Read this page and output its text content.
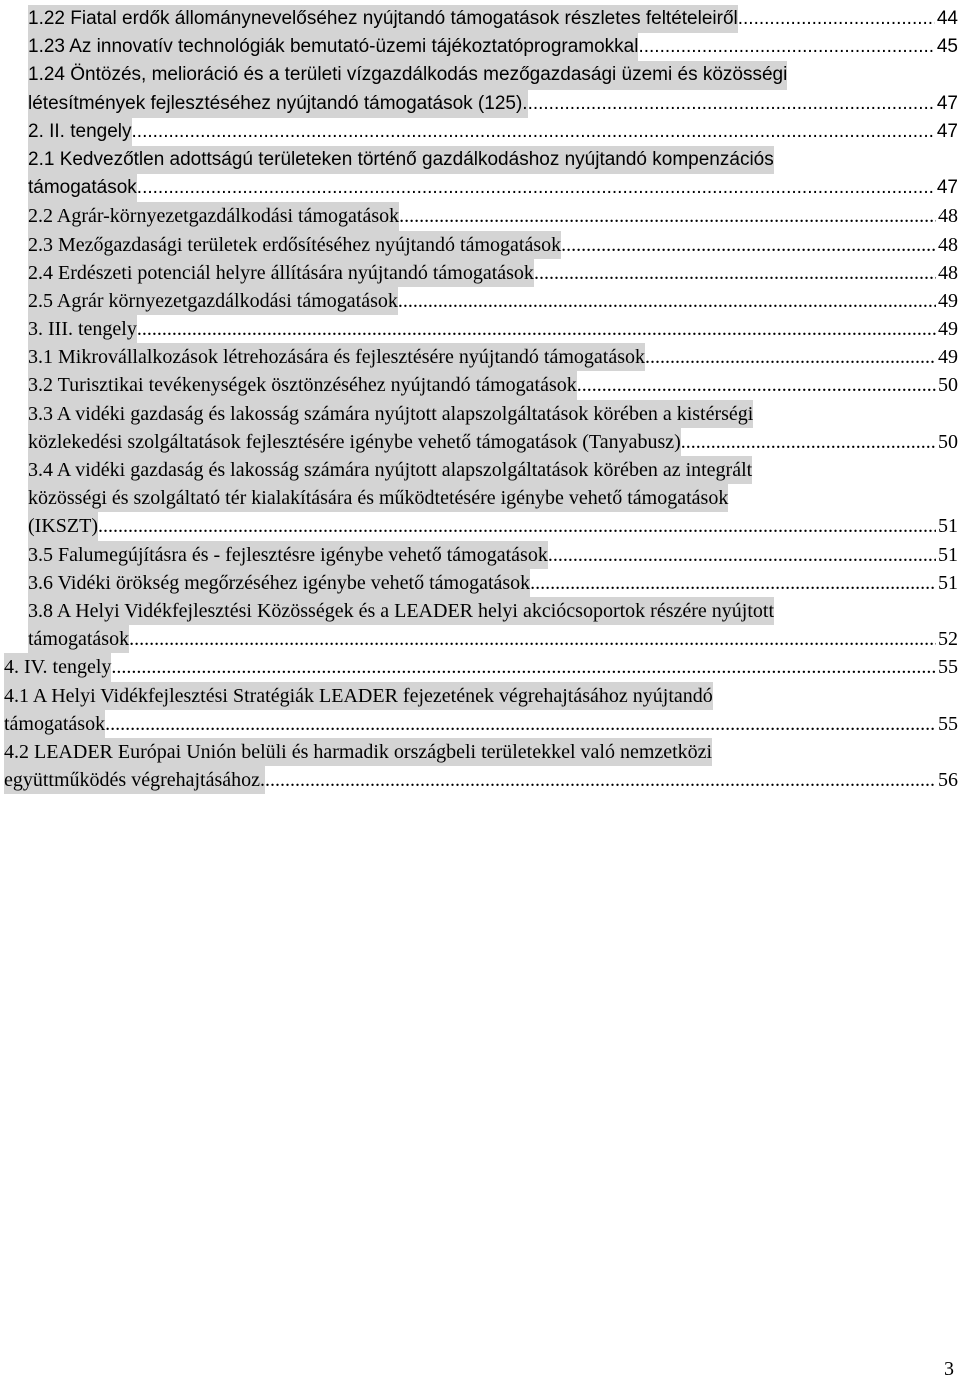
1.22 Fiatal erdők állománynevelőséhez nyújtandó támogatások részletes feltételeiről .....	44
1.23 Az innovatív technológiák bemutató-üzemi tájékoztatóprogramokkal .....	45
1.24 Öntözés, melioráció és a területi vízgazdálkodás mezőgazdasági üzemi és közösségi
létesítmények fejlesztéséhez nyújtandó támogatások (125). .....	47
2. II. tengely .....	47
2.1 Kedvezőtlen adottságú területeken történő gazdálkodáshoz nyújtandó kompenzációs
támogatások .....	47
2.2 Agrár-környezetgazdálkodási támogatások .....	48
2.3 Mezőgazdasági területek erdősítéséhez nyújtandó támogatások .....	48
2.4 Erdészeti potenciál helyre állítására nyújtandó támogatások .....	48
2.5 Agrár környezetgazdálkodási támogatások .....	49
3. III. tengely .....	49
3.1 Mikrovállalkozások létrehozására és fejlesztésére nyújtandó támogatások .....	49
3.2 Turisztikai tevékenységek ösztönzéséhez nyújtandó támogatások .....	50
3.3 A vidéki gazdaság és lakosság számára nyújtott alapszolgáltatások körében a kistérségi
közlekedési szolgáltatások fejlesztésére igénybe vehető támogatások (Tanyabusz) .....	50
3.4 A vidéki gazdaság és lakosság számára nyújtott alapszolgáltatások körében az integrált
közösségi és szolgáltató tér kialakítására és működtetésére igénybe vehető támogatások
(IKSZT) .....	51
3.5 Falumegújításra és - fejlesztésre igénybe vehető támogatások .....	51
3.6 Vidéki örökség megőrzéséhez igénybe vehető támogatások .....	51
3.8 A Helyi Vidékfejlesztési Közösségek és a LEADER helyi akciócsoportok részére nyújtott
támogatások .....	52
4. IV. tengely .....	55
4.1 A Helyi Vidékfejlesztési Stratégiák LEADER fejezetének végrehajtásához nyújtandó
támogatások .....	55
4.2 LEADER Európai Unión belüli és harmadik országbeli területekkel való nemzetközi
együttműködés végrehajtásához. .....	56
3
